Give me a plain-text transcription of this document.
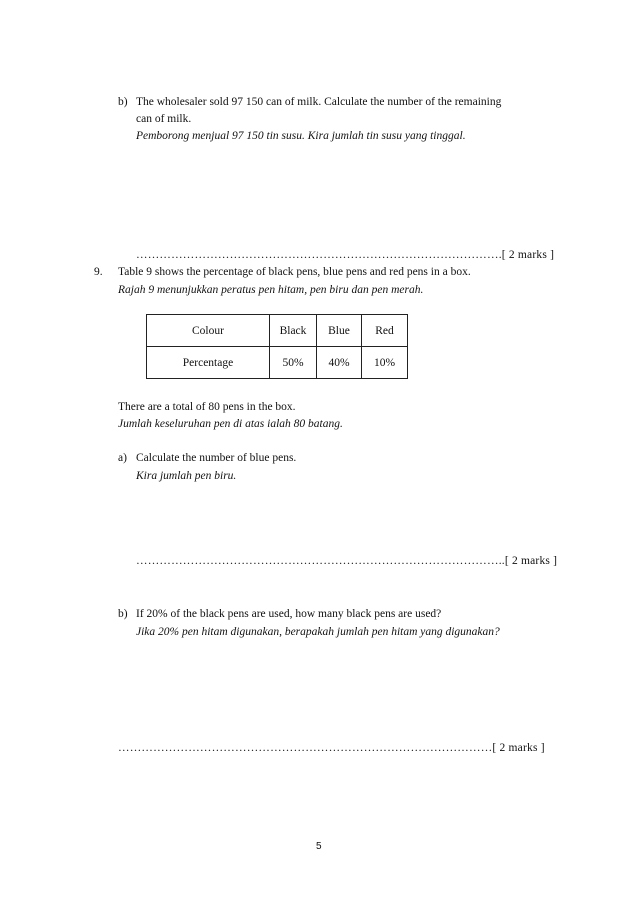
b) The wholesaler sold 97 150 can of milk. Calculate the number of the remaining
can of milk.
Pemborong menjual 97 150 tin susu. Kira jumlah tin susu yang tinggal.
………………………………………………………………………………….[ 2 marks ]
9. Table 9 shows the percentage of black pens, blue pens and red pens in a box.
Rajah 9 menunjukkan peratus pen hitam, pen biru dan pen merah.
Colour	Black	Blue	Red
Percentage	50%	40%	10%
There are a total of 80 pens in the box.
Jumlah keseluruhan pen di atas ialah 80 batang.
a) Calculate the number of blue pens.
Kira jumlah pen biru.
…………………………………………………………………………………..[ 2 marks ]
b) If 20% of the black pens are used, how many black pens are used?
Jika 20% pen hitam digunakan, berapakah jumlah pen hitam yang digunakan?
……………………………………………………………………………………[ 2 marks ]
5
